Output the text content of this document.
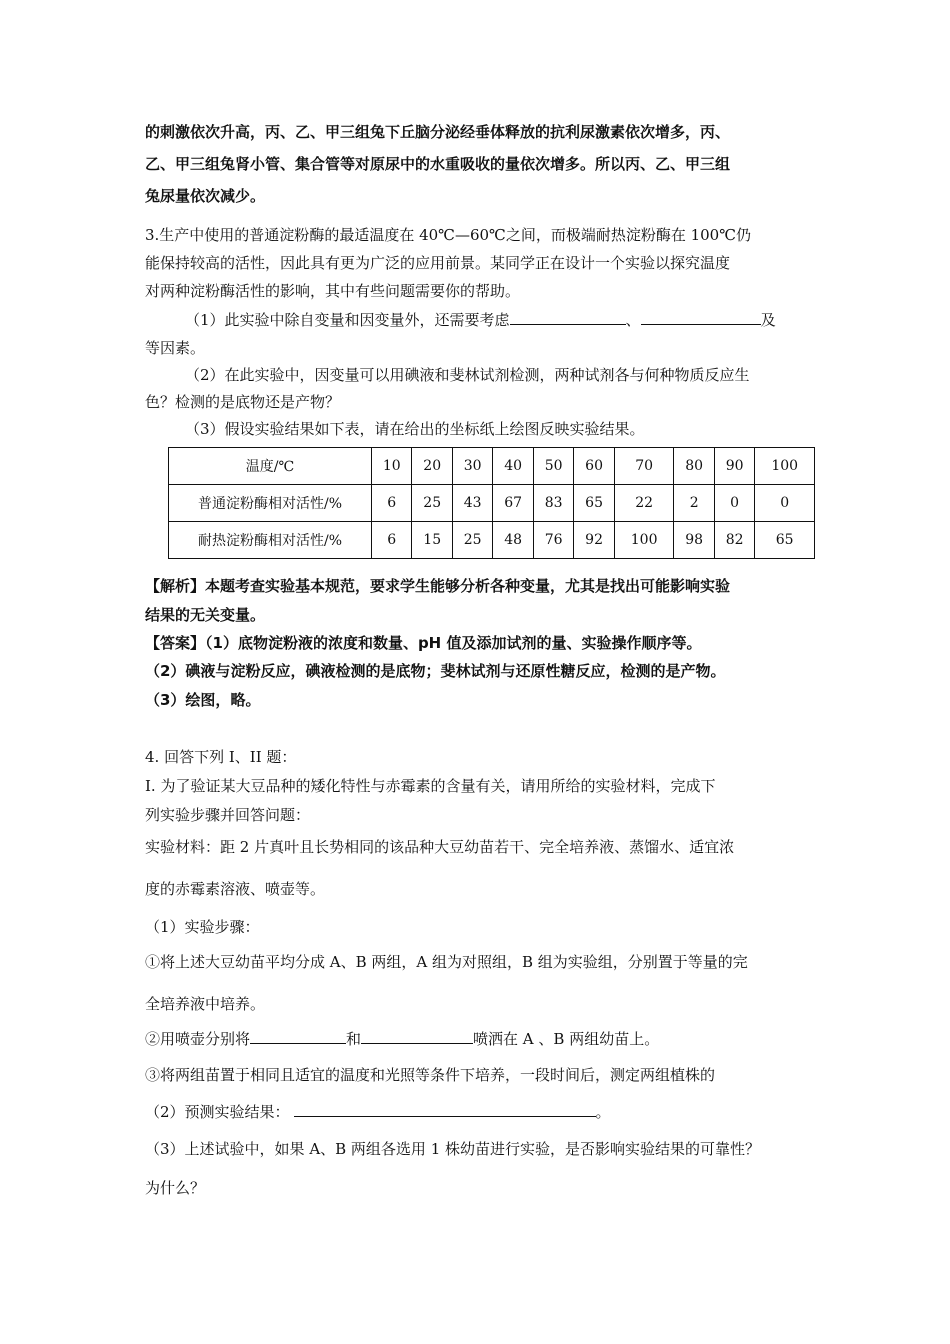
的刺激依次升高，丙、乙、甲三组兔下丘脑分泌经垂体释放的抗利尿激素依次增多，丙、
乙、甲三组兔肾小管、集合管等对原尿中的水重吸收的量依次增多。所以丙、乙、甲三组
兔尿量依次减少。
3.生产中使用的普通淀粉酶的最适温度在 40℃—60℃之间，而极端耐热淀粉酶在 100℃仍
能保持较高的活性，因此具有更为广泛的应用前景。某同学正在设计一个实验以探究温度
对两种淀粉酶活性的影响，其中有些问题需要你的帮助。
（1）此实验中除自变量和因变量外，还需要考虑	、	及
等因素。
（2）在此实验中，因变量可以用碘液和斐林试剂检测，两种试剂各与何种物质反应生
色？检测的是底物还是产物？
（3）假设实验结果如下表，请在给出的坐标纸上绘图反映实验结果。
温度/℃	10	20	30	40	50	60	70	80	90	100
普通淀粉酶相对活性/%	6	25	43	67	83	65	22	2	0	0
耐热淀粉酶相对活性/%	6	15	25	48	76	92	100	98	82	65
【解析】本题考查实验基本规范，要求学生能够分析各种变量，尤其是找出可能影响实验
结果的无关变量。
【答案】（1）底物淀粉液的浓度和数量、pH 值及添加试剂的量、实验操作顺序等。
（2）碘液与淀粉反应，碘液检测的是底物；斐林试剂与还原性糖反应，检测的是产物。
（3）绘图，略。
4. 回答下列 I、II 题：
Ⅰ. 为了验证某大豆品种的矮化特性与赤霉素的含量有关，请用所给的实验材料，完成下
列实验步骤并回答问题：
实验材料：距 2 片真叶且长势相同的该品种大豆幼苗若干、完全培养液、蒸馏水、适宜浓
度的赤霉素溶液、喷壶等。
（1）实验步骤：
①将上述大豆幼苗平均分成 A、B 两组，A 组为对照组，B 组为实验组，分别置于等量的完
全培养液中培养。
②用喷壶分别将	和	喷洒在 A 、B 两组幼苗上。
③将两组苗置于相同且适宜的温度和光照等条件下培养，一段时间后，测定两组植株的
（2）预测实验结果：	。
（3）上述试验中，如果 A、B 两组各选用 1 株幼苗进行实验，是否影响实验结果的可靠性？
为什么？
